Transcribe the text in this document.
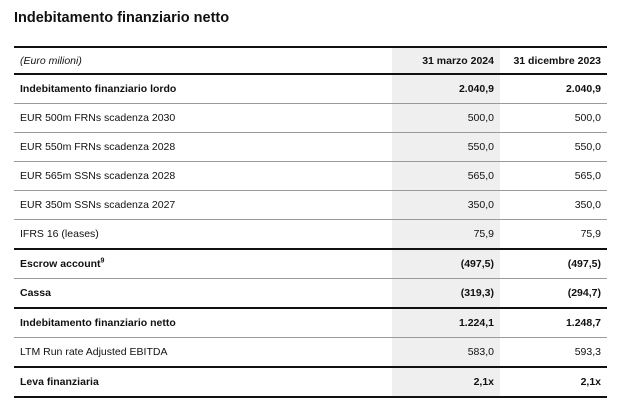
Indebitamento finanziario netto
(Euro milioni)	31 marzo 2024	31 dicembre 2023
Indebitamento finanziario lordo	2.040,9	2.040,9
EUR 500m FRNs scadenza 2030	500,0	500,0
EUR 550m FRNs scadenza 2028	550,0	550,0
EUR 565m SSNs scadenza 2028	565,0	565,0
EUR 350m SSNs scadenza 2027	350,0	350,0
IFRS 16 (leases)	75,9	75,9
Escrow account$^9$	(497,5)	(497,5)
Cassa	(319,3)	(294,7)
Indebitamento finanziario netto	1.224,1	1.248,7
LTM Run rate Adjusted EBITDA	583,0	593,3
Leva finanziaria	2,1x	2,1x
